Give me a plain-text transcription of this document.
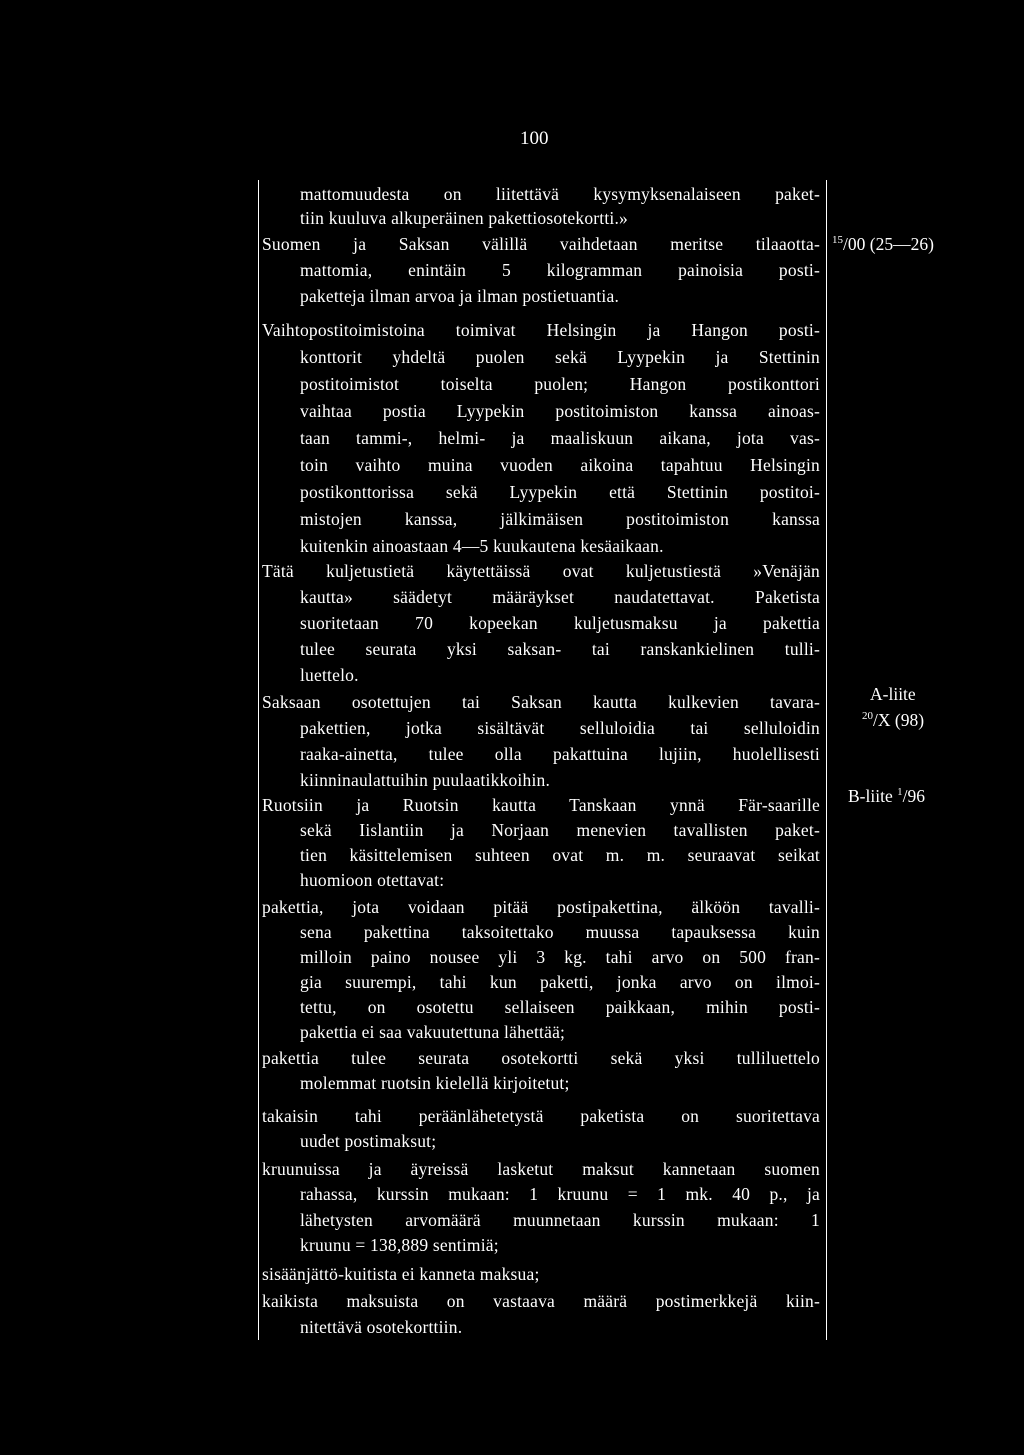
100
mattomuudesta on liitettävä kysymyksenalaiseen paket-
tiin kuuluva alkuperäinen pakettiosotekortti.»
Suomen ja Saksan välillä vaihdetaan meritse tilaaotta-
mattomia, enintäin 5 kilogramman painoisia posti-
paketteja ilman arvoa ja ilman postietuantia.
Vaihtopostitoimistoina toimivat Helsingin ja Hangon posti-
konttorit yhdeltä puolen sekä Lyypekin ja Stettinin
postitoimistot toiselta puolen; Hangon postikonttori
vaihtaa postia Lyypekin postitoimiston kanssa ainoas-
taan tammi-, helmi- ja maaliskuun aikana, jota vas-
toin vaihto muina vuoden aikoina tapahtuu Helsingin
postikonttorissa sekä Lyypekin että Stettinin postitoi-
mistojen kanssa, jälkimäisen postitoimiston kanssa
kuitenkin ainoastaan 4—5 kuukautena kesäaikaan.
Tätä kuljetustietä käytettäissä ovat kuljetustiestä »Venäjän
kautta» säädetyt määräykset naudatettavat. Paketista
suoritetaan 70 kopeekan kuljetusmaksu ja pakettia
tulee seurata yksi saksan- tai ranskankielinen tulli-
luettelo.
Saksaan osotettujen tai Saksan kautta kulkevien tavara-
pakettien, jotka sisältävät selluloidia tai selluloidin
raaka-ainetta, tulee olla pakattuina lujiin, huolellisesti
kiinninaulattuihin puulaatikkoihin.
Ruotsiin ja Ruotsin kautta Tanskaan ynnä Fär-saarille
sekä Iislantiin ja Norjaan menevien tavallisten paket-
tien käsittelemisen suhteen ovat m. m. seuraavat seikat
huomioon otettavat:
pakettia, jota voidaan pitää postipakettina, älköön tavalli-
sena pakettina taksoitettako muussa tapauksessa kuin
milloin paino nousee yli 3 kg. tahi arvo on 500 fran-
gia suurempi, tahi kun paketti, jonka arvo on ilmoi-
tettu, on osotettu sellaiseen paikkaan, mihin posti-
pakettia ei saa vakuutettuna lähettää;
pakettia tulee seurata osotekortti sekä yksi tulliluettelo
molemmat ruotsin kielellä kirjoitetut;
takaisin tahi peräänlähetetystä paketista on suoritettava
uudet postimaksut;
kruunuissa ja äyreissä lasketut maksut kannetaan suomen
rahassa, kurssin mukaan: 1 kruunu = 1 mk. 40 p., ja
lähetysten arvomäärä muunnetaan kurssin mukaan: 1
kruunu = 138,889 sentimiä;
sisäänjättö-kuitista ei kanneta maksua;
kaikista maksuista on vastaava määrä postimerkkejä kiin-
nitettävä osotekorttiin.
$^{15}$/00 (25—26)
A-liite
$^{20}$/X (98)
B-liite $^1$/96
